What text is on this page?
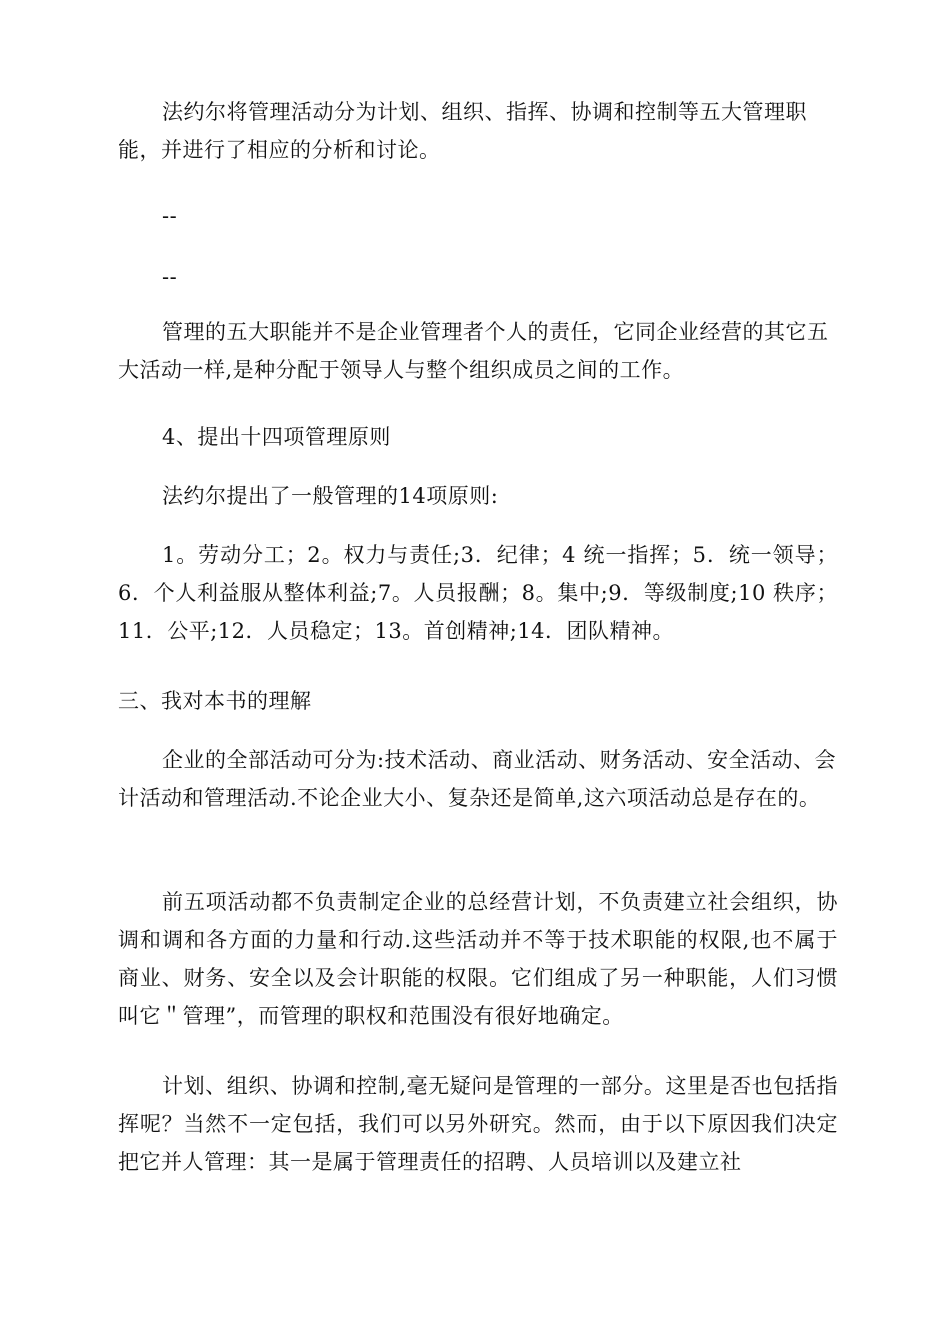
法约尔将管理活动分为计划、组织、指挥、协调和控制等五大管理职能，并进行了相应的分析和讨论。

--

--

管理的五大职能并不是企业管理者个人的责任，它同企业经营的其它五大活动一样,是种分配于领导人与整个组织成员之间的工作。

4、提出十四项管理原则

法约尔提出了一般管理的14项原则:

1。劳动分工；2。权力与责任;3．纪律；4 统一指挥；5．统一领导；6．个人利益服从整体利益;7。人员报酬；8。集中;9．等级制度;10 秩序；11．公平;12．人员稳定；13。首创精神;14．团队精神。

三、我对本书的理解

企业的全部活动可分为:技术活动、商业活动、财务活动、安全活动、会计活动和管理活动.不论企业大小、复杂还是简单,这六项活动总是存在的。

前五项活动都不负责制定企业的总经营计划，不负责建立社会组织，协调和调和各方面的力量和行动.这些活动并不等于技术职能的权限,也不属于商业、财务、安全以及会计职能的权限。它们组成了另一种职能，人们习惯叫它＂管理”，而管理的职权和范围没有很好地确定。

计划、组织、协调和控制,毫无疑问是管理的一部分。这里是否也包括指挥呢？当然不一定包括，我们可以另外研究。然而，由于以下原因我们决定把它并人管理：其一是属于管理责任的招聘、人员培训以及建立社
